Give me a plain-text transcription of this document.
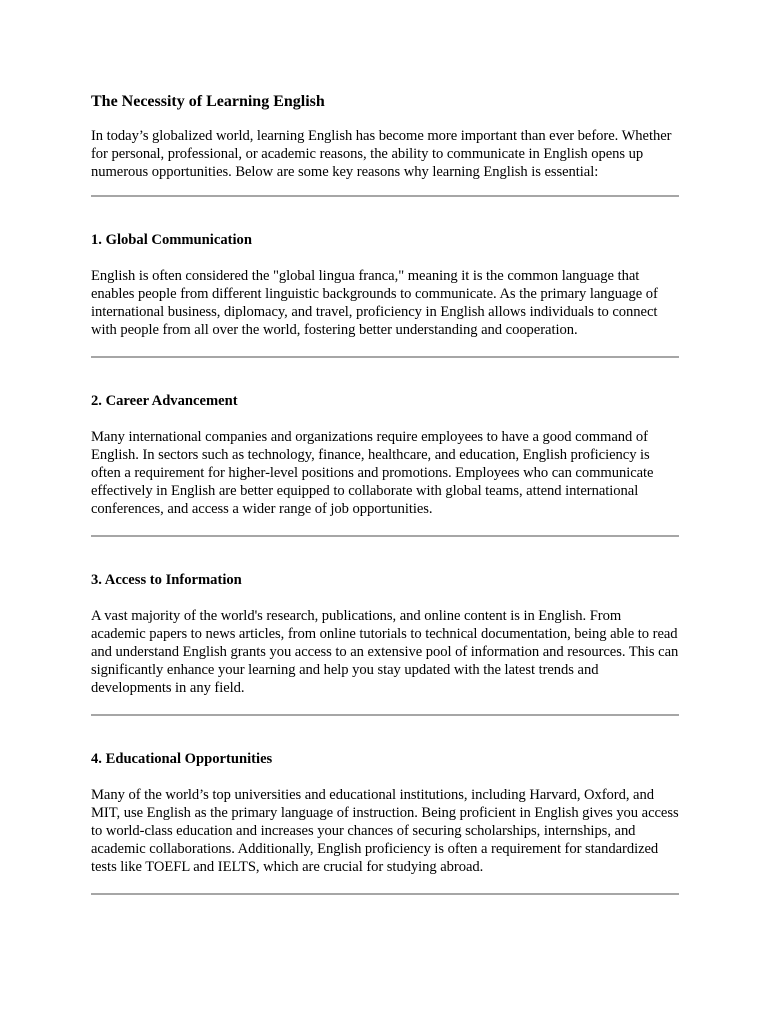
The Necessity of Learning English

In today’s globalized world, learning English has become more important than ever before. Whether for personal, professional, or academic reasons, the ability to communicate in English opens up numerous opportunities. Below are some key reasons why learning English is essential:

1. Global Communication

English is often considered the "global lingua franca," meaning it is the common language that enables people from different linguistic backgrounds to communicate. As the primary language of international business, diplomacy, and travel, proficiency in English allows individuals to connect with people from all over the world, fostering better understanding and cooperation.

2. Career Advancement

Many international companies and organizations require employees to have a good command of English. In sectors such as technology, finance, healthcare, and education, English proficiency is often a requirement for higher-level positions and promotions. Employees who can communicate effectively in English are better equipped to collaborate with global teams, attend international conferences, and access a wider range of job opportunities.

3. Access to Information

A vast majority of the world's research, publications, and online content is in English. From academic papers to news articles, from online tutorials to technical documentation, being able to read and understand English grants you access to an extensive pool of information and resources. This can significantly enhance your learning and help you stay updated with the latest trends and developments in any field.

4. Educational Opportunities

Many of the world’s top universities and educational institutions, including Harvard, Oxford, and MIT, use English as the primary language of instruction. Being proficient in English gives you access to world-class education and increases your chances of securing scholarships, internships, and academic collaborations. Additionally, English proficiency is often a requirement for standardized tests like TOEFL and IELTS, which are crucial for studying abroad.
